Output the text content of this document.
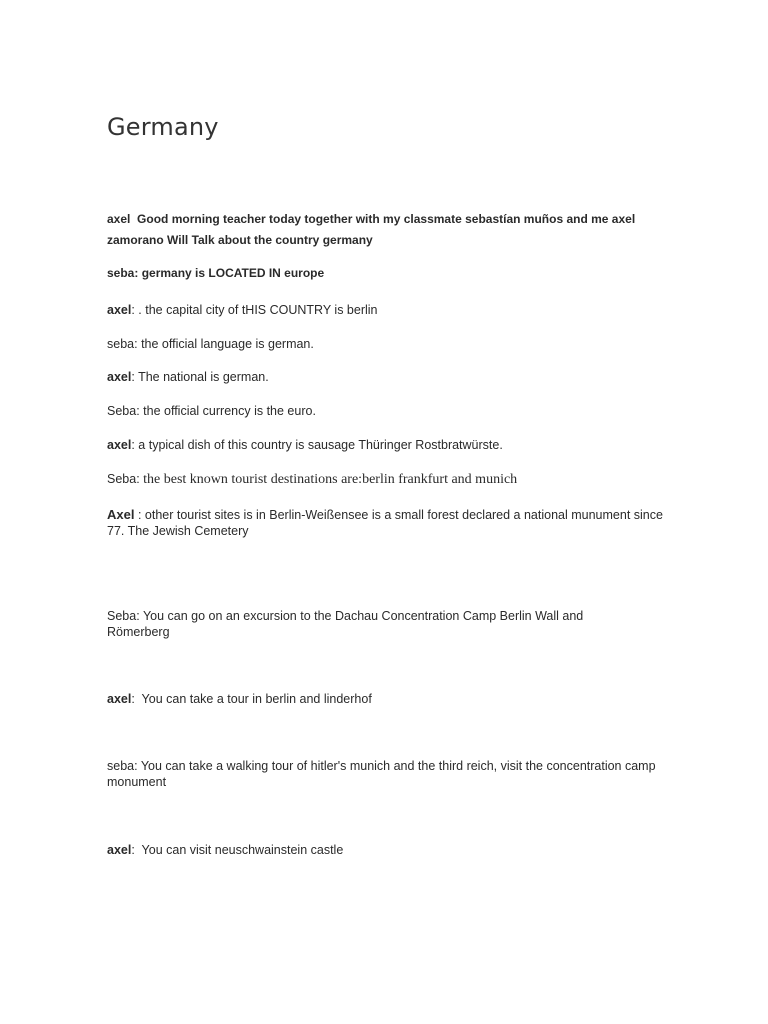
Germany
axel Good morning teacher today together with my classmate sebastían muños and me axel zamorano Will Talk about the country germany
seba: germany is LOCATED IN europe
axel: . the capital city of tHIS COUNTRY is berlin
seba: the official language is german.
axel: The national is german.
Seba: the official currency is the euro.
axel: a typical dish of this country is sausage Thüringer Rostbratwürste.
Seba: the best known tourist destinations are:berlin frankfurt and munich
Axel : other tourist sites is in Berlin-Weißensee is a small forest declared a national munument since 77. The Jewish Cemetery
Seba: You can go on an excursion to the Dachau Concentration Camp Berlin Wall and Römerberg
axel:  You can take a tour in berlin and linderhof
seba: You can take a walking tour of hitler's munich and the third reich, visit the concentration camp monument
axel:  You can visit neuschwainstein castle
